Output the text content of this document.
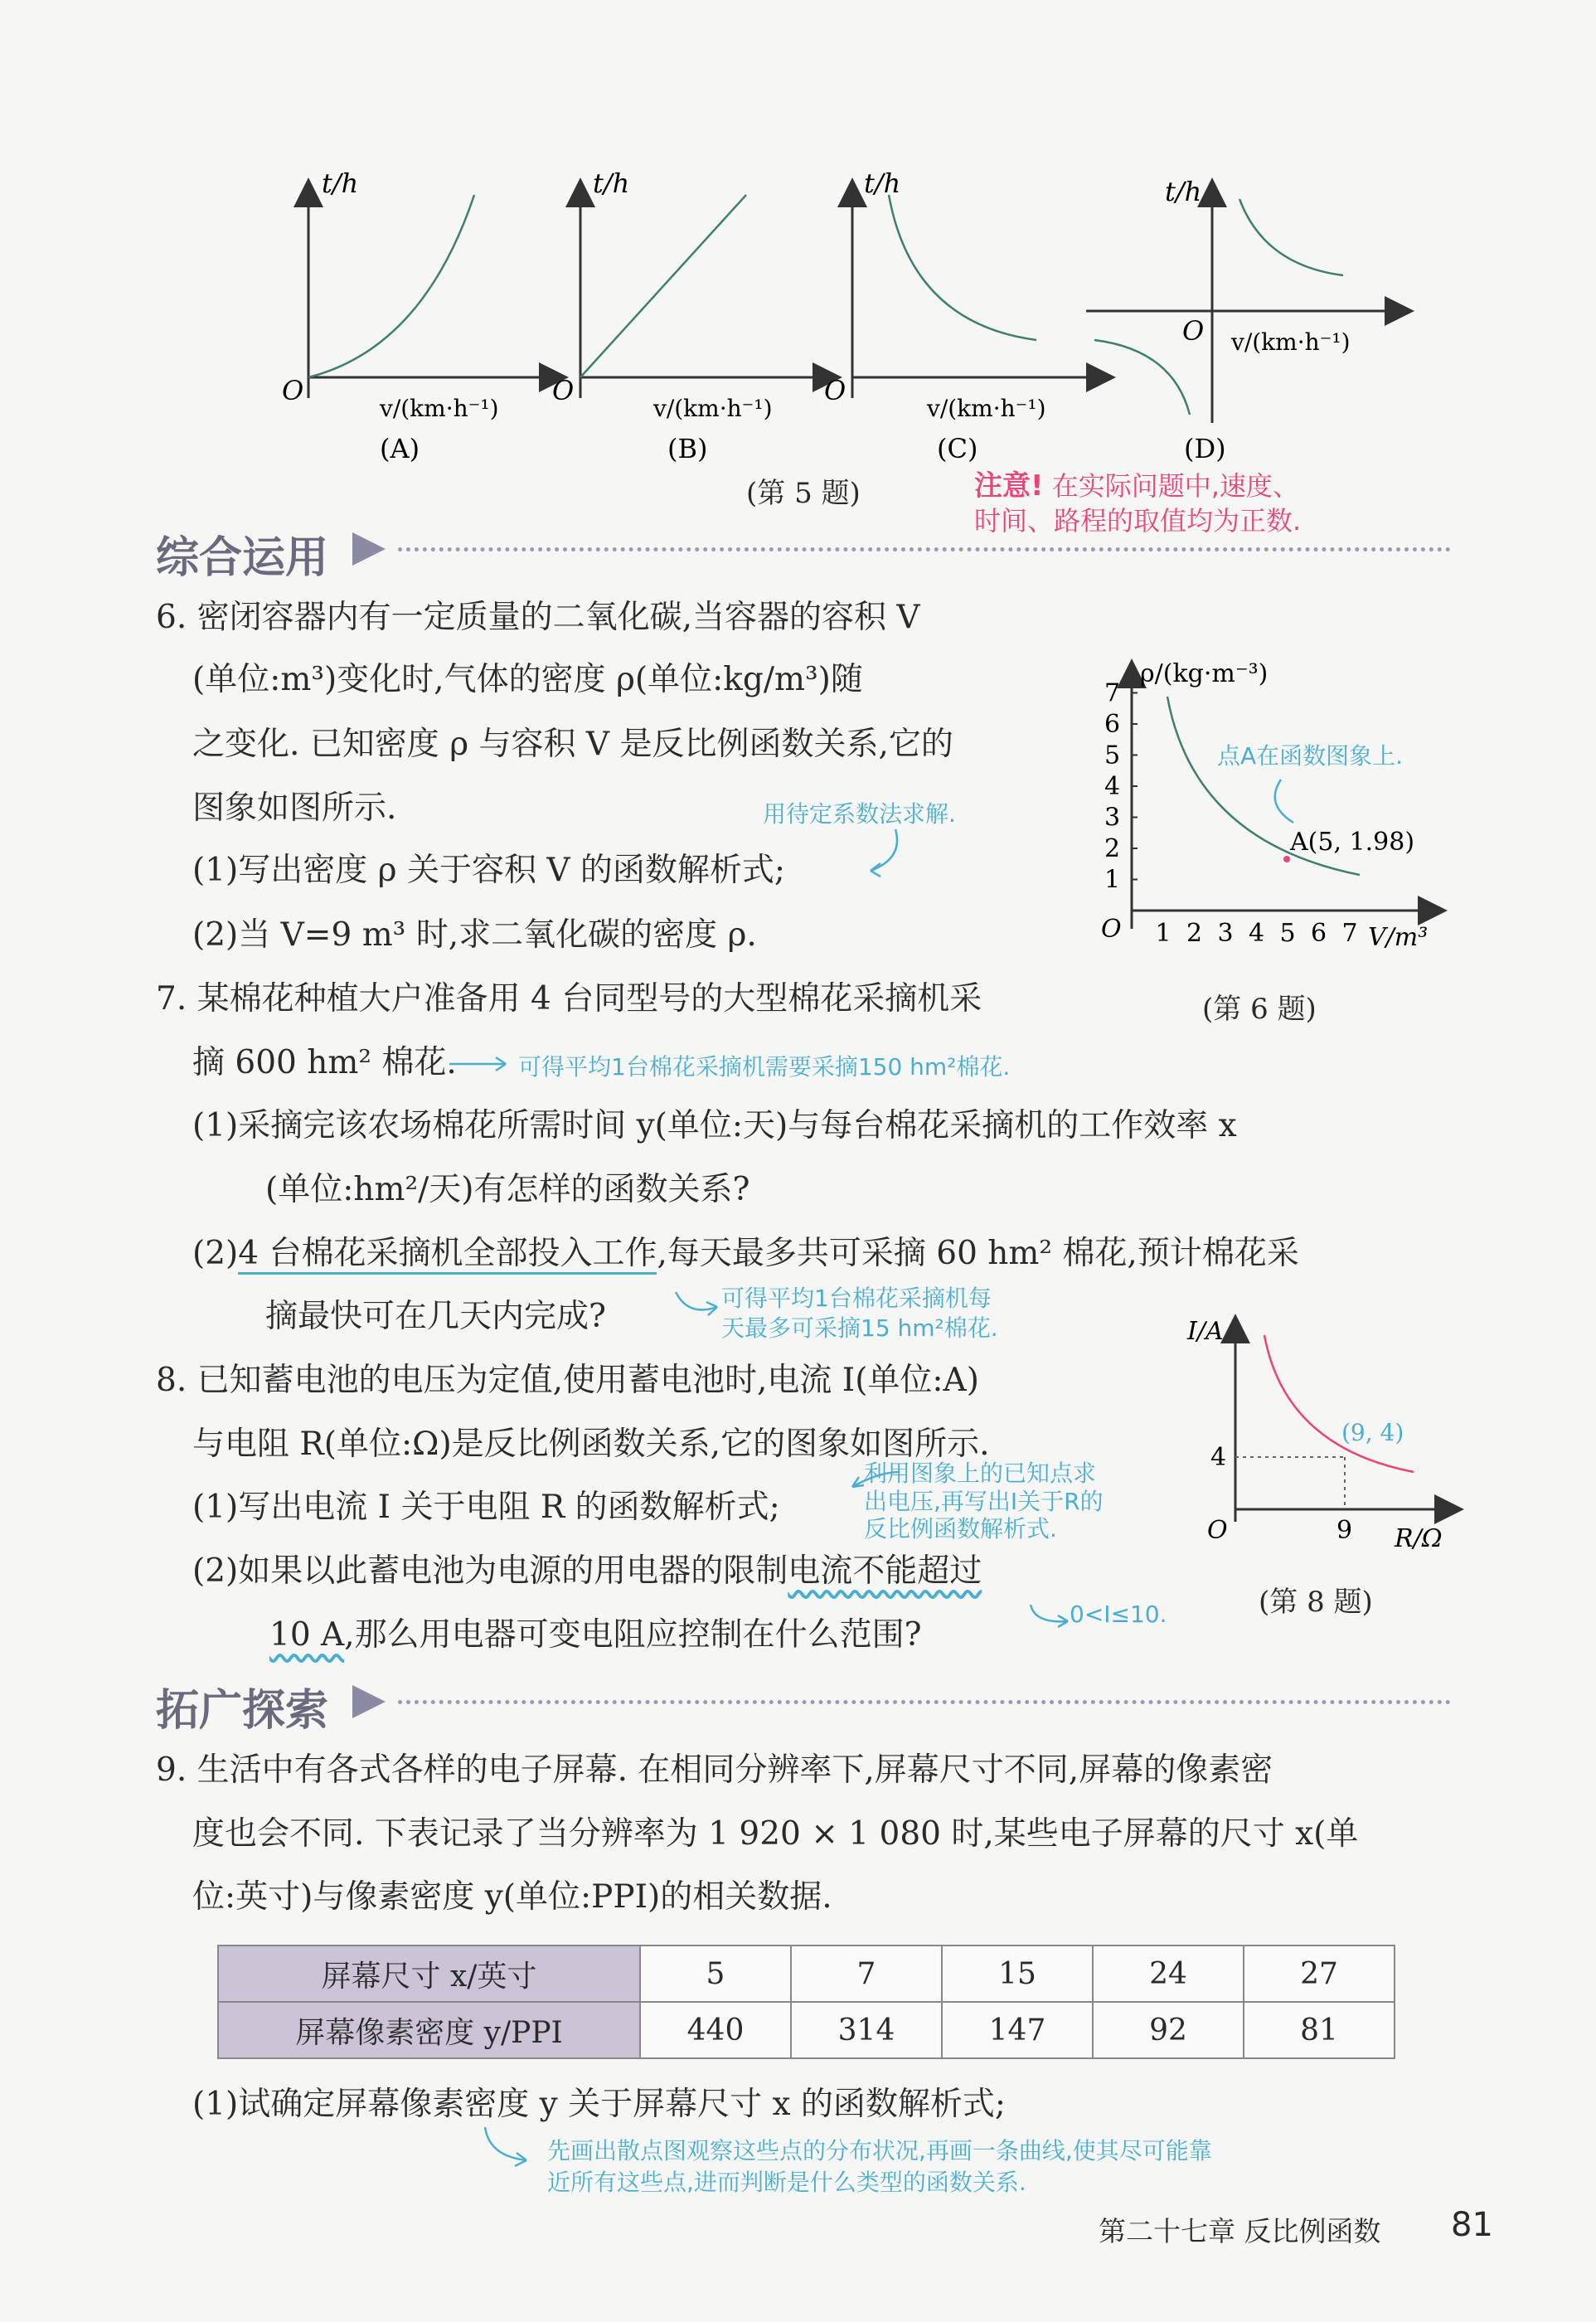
t/h
O
v/(km·h⁻¹)
(A)
t/h
O
v/(km·h⁻¹)
(B)
t/h
O
v/(km·h⁻¹)
(C)
t/h
O v/(km·h⁻¹)
(D)
(第 5 题)	注意! 在实际问题中,速度、
时间、路程的取值均为正数.
综合运用
6. 密闭容器内有一定质量的二氧化碳,当容器的容积 V
(单位:m³)变化时,气体的密度 ρ(单位:kg/m³)随
之变化. 已知密度 ρ 与容积 V 是反比例函数关系,它的
图象如图所示.	用待定系数法求解.
(1)写出密度 ρ 关于容积 V 的函数解析式;
(2)当 V=9 m³ 时,求二氧化碳的密度 ρ.
1
2
3
4
5
6
7
1 2 3 4 5 6 7
ρ/(kg·m⁻³)
O	V/m³
A(5, 1.98)
点A在函数图象上.
(第 6 题)
7. 某棉花种植大户准备用 4 台同型号的大型棉花采摘机采
摘 600 hm² 棉花.	可得平均1台棉花采摘机需要采摘150 hm²棉花.
(1)采摘完该农场棉花所需时间 y(单位:天)与每台棉花采摘机的工作效率 x
(单位:hm²/天)有怎样的函数关系?
(2)4 台棉花采摘机全部投入工作,每天最多共可采摘 60 hm² 棉花,预计棉花采
摘最快可在几天内完成?	可得平均1台棉花采摘机每
天最多可采摘15 hm²棉花.
8. 已知蓄电池的电压为定值,使用蓄电池时,电流 I(单位:A)
与电阻 R(单位:Ω)是反比例函数关系,它的图象如图所示.
(1)写出电流 I 关于电阻 R 的函数解析式;
利用图象上的已知点求
出电压,再写出I关于R的
反比例函数解析式.
(2)如果以此蓄电池为电源的用电器的限制电流不能超过
10 A,那么用电器可变电阻应控制在什么范围?
0<I≤10.
I/A
4
9
O	R/Ω
(9, 4)
(第 8 题)
拓广探索
9. 生活中有各式各样的电子屏幕. 在相同分辨率下,屏幕尺寸不同,屏幕的像素密
度也会不同. 下表记录了当分辨率为 1 920 × 1 080 时,某些电子屏幕的尺寸 x(单
位:英寸)与像素密度 y(单位:PPI)的相关数据.
屏幕尺寸 x/英寸	5	7	15	24	27
屏幕像素密度 y/PPI	440	314	147	92	81
(1)试确定屏幕像素密度 y 关于屏幕尺寸 x 的函数解析式;
先画出散点图观察这些点的分布状况,再画一条曲线,使其尽可能靠
近所有这些点,进而判断是什么类型的函数关系.
第二十七章 反比例函数 81
